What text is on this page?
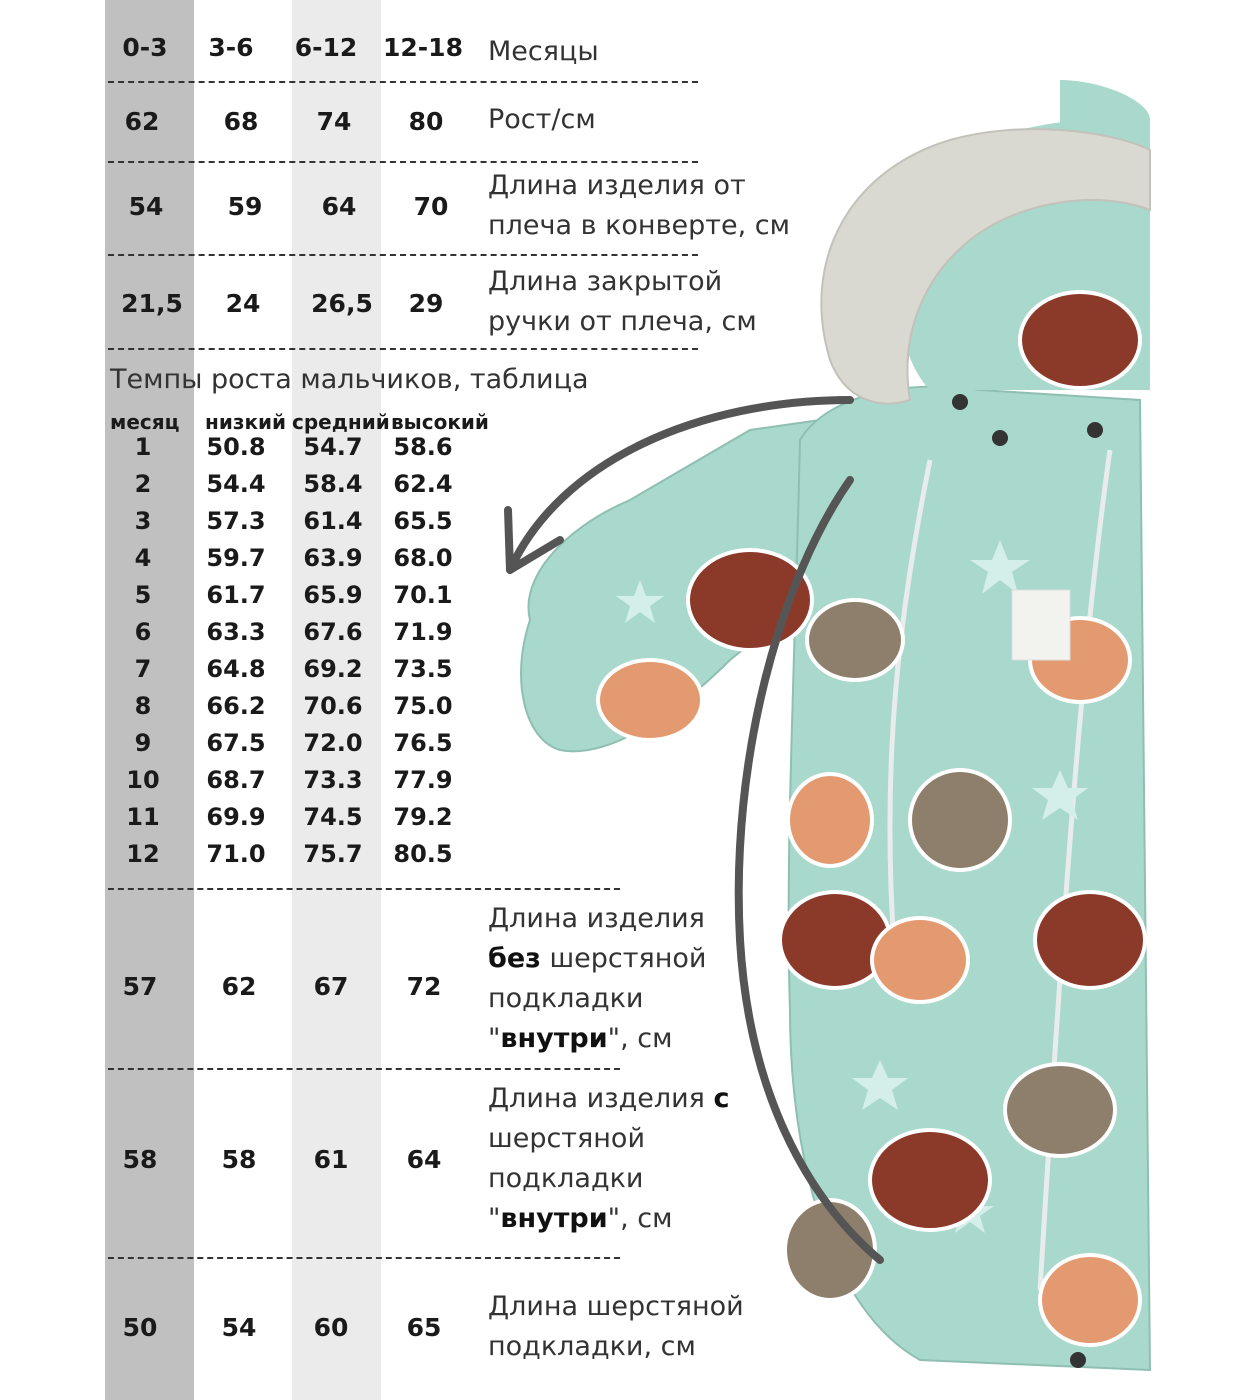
0-3	3-6	6-12 12-18 Месяцы
62	68	74	80	Рост/см
54	59	64	70
Длина изделия от
плеча в конверте, см
21,5	24	26,5	29
Длина закрытой
ручки от плеча, см
Темпы роста мальчиков, таблица
месяц низкий средний высокий
1	50.8 54.7 58.6
2	54.4 58.4 62.4
3	57.3 61.4 65.5
4	59.7 63.9 68.0
5	61.7 65.9 70.1
6	63.3 67.6 71.9
7	64.8 69.2 73.5
8	66.2 70.6 75.0
9	67.5 72.0 76.5
10	68.7 73.3 77.9
11	69.9 74.5 79.2
12	71.0 75.7 80.5
57	62	67	72
Длина изделия
без шерстяной
подкладки
"внутри", см
58	58	61	64
Длина изделия с
шерстяной
подкладки
"внутри", см
50	54	60	65
Длина шерстяной
подкладки, см
